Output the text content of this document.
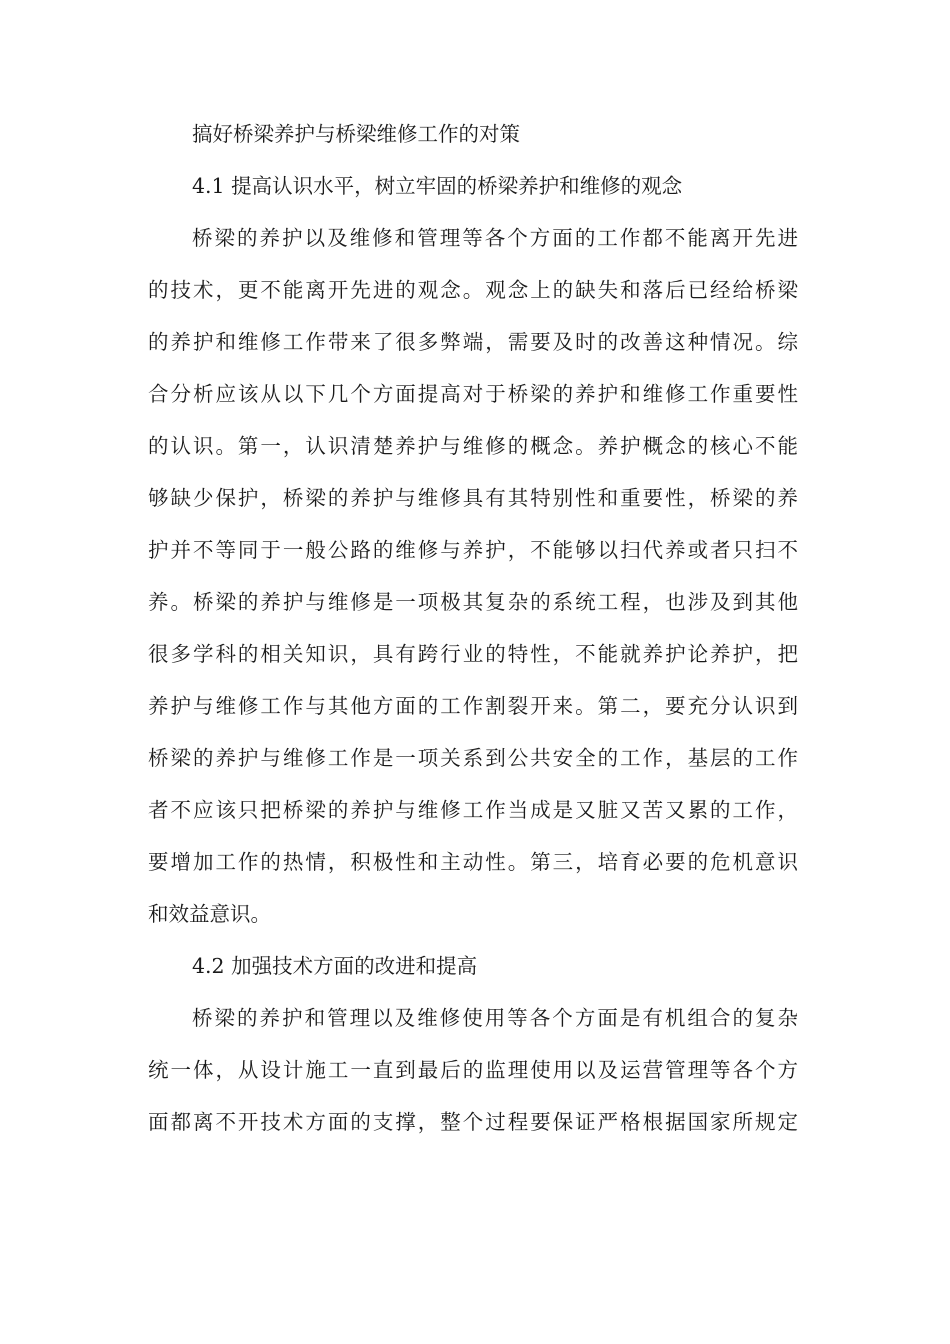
搞好桥梁养护与桥梁维修工作的对策

4.1 提高认识水平，树立牢固的桥梁养护和维修的观念

桥梁的养护以及维修和管理等各个方面的工作都不能离开先进
的技术，更不能离开先进的观念。观念上的缺失和落后已经给桥梁
的养护和维修工作带来了很多弊端，需要及时的改善这种情况。综
合分析应该从以下几个方面提高对于桥梁的养护和维修工作重要性
的认识。第一，认识清楚养护与维修的概念。养护概念的核心不能
够缺少保护，桥梁的养护与维修具有其特别性和重要性，桥梁的养
护并不等同于一般公路的维修与养护，不能够以扫代养或者只扫不
养。桥梁的养护与维修是一项极其复杂的系统工程，也涉及到其他
很多学科的相关知识，具有跨行业的特性，不能就养护论养护，把
养护与维修工作与其他方面的工作割裂开来。第二，要充分认识到
桥梁的养护与维修工作是一项关系到公共安全的工作，基层的工作
者不应该只把桥梁的养护与维修工作当成是又脏又苦又累的工作，
要增加工作的热情，积极性和主动性。第三，培育必要的危机意识
和效益意识。

4.2 加强技术方面的改进和提高

桥梁的养护和管理以及维修使用等各个方面是有机组合的复杂
统一体，从设计施工一直到最后的监理使用以及运营管理等各个方
面都离不开技术方面的支撑，整个过程要保证严格根据国家所规定
